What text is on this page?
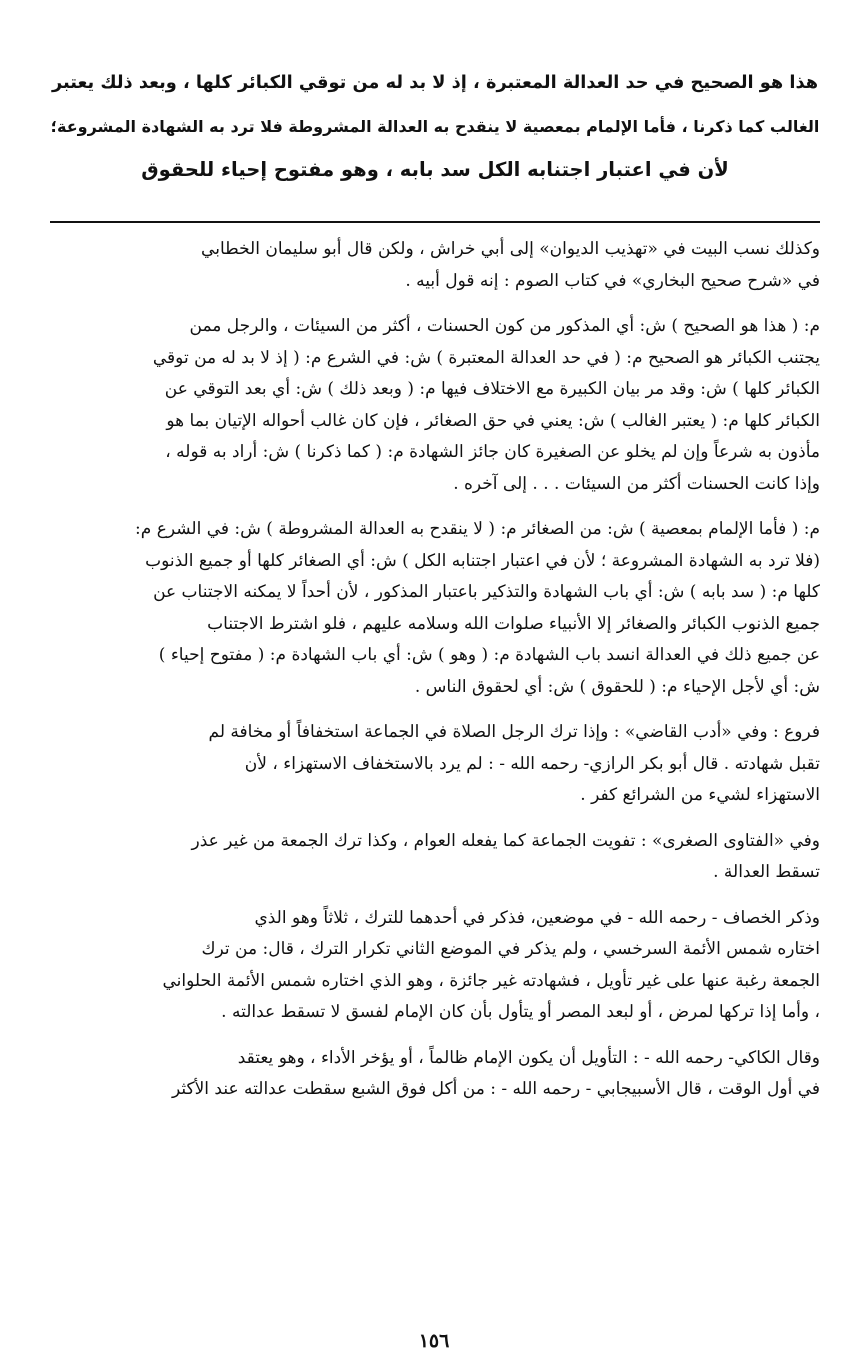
هذا هو الصحيح في حد العدالة المعتبرة ، إذ لا بد له من توقي الكبائر كلها ، وبعد ذلك يعتبر
الغالب كما ذكرنا ، فأما الإلمام بمعصية لا ينقدح به العدالة المشروطة فلا ترد به الشهادة المشروعة؛
لأن في اعتبار اجتنابه الكل سد بابه ، وهو مفتوح إحياء للحقوق
وكذلك نسب البيت في «تهذيب الديوان» إلى أبي خراش ، ولكن قال أبو سليمان الخطابي
في «شرح صحيح البخاري» في كتاب الصوم : إنه قول أبيه .
م: ( هذا هو الصحيح ) ش: أي المذكور من كون الحسنات ، أكثر من السيئات ، والرجل ممن
يجتنب الكبائر هو الصحيح م: ( في حد العدالة المعتبرة ) ش: في الشرع م: ( إذ لا بد له من توقي
الكبائر كلها ) ش: وقد مر بيان الكبيرة مع الاختلاف فيها م: ( وبعد ذلك ) ش: أي بعد التوقي عن
الكبائر كلها م: ( يعتبر الغالب ) ش: يعني في حق الصغائر ، فإن كان غالب أحواله الإتيان بما هو
مأذون به شرعاً وإن لم يخلو عن الصغيرة كان جائز الشهادة م: ( كما ذكرنا ) ش: أراد به قوله ،
وإذا كانت الحسنات أكثر من السيئات . . . إلى آخره .
م: ( فأما الإلمام بمعصية ) ش: من الصغائر م: ( لا ينقدح به العدالة المشروطة ) ش: في الشرع م:
(فلا ترد به الشهادة المشروعة ؛ لأن في اعتبار اجتنابه الكل ) ش: أي الصغائر كلها أو جميع الذنوب
كلها م: ( سد بابه ) ش: أي باب الشهادة والتذكير باعتبار المذكور ، لأن أحداً لا يمكنه الاجتناب عن
جميع الذنوب الكبائر والصغائر إلا الأنبياء صلوات الله وسلامه عليهم ، فلو اشترط الاجتناب
عن جميع ذلك في العدالة انسد باب الشهادة م: ( وهو ) ش: أي باب الشهادة م: ( مفتوح إحياء )
ش: أي لأجل الإحياء م: ( للحقوق ) ش: أي لحقوق الناس .
فروع : وفي «أدب القاضي» : وإذا ترك الرجل الصلاة في الجماعة استخفافاً أو مخافة لم
تقبل شهادته . قال أبو بكر الرازي- رحمه الله - : لم يرد بالاستخفاف الاستهزاء ، لأن
الاستهزاء لشيء من الشرائع كفر .
وفي «الفتاوى الصغرى» : تفويت الجماعة كما يفعله العوام ، وكذا ترك الجمعة من غير عذر
تسقط العدالة .
وذكر الخصاف - رحمه الله - في موضعين، فذكر في أحدهما للترك ، ثلاثاً وهو الذي
اختاره شمس الأئمة السرخسي ، ولم يذكر في الموضع الثاني تكرار الترك ، قال: من ترك
الجمعة رغبة عنها على غير تأويل ، فشهادته غير جائزة ، وهو الذي اختاره شمس الأئمة الحلواني
، وأما إذا تركها لمرض ، أو لبعد المصر أو يتأول بأن كان الإمام لفسق لا تسقط عدالته .
وقال الكاكي- رحمه الله - : التأويل أن يكون الإمام ظالماً ، أو يؤخر الأداء ، وهو يعتقد
في أول الوقت ، قال الأسبيجابي - رحمه الله - : من أكل فوق الشبع سقطت عدالته عند الأكثر
١٥٦
